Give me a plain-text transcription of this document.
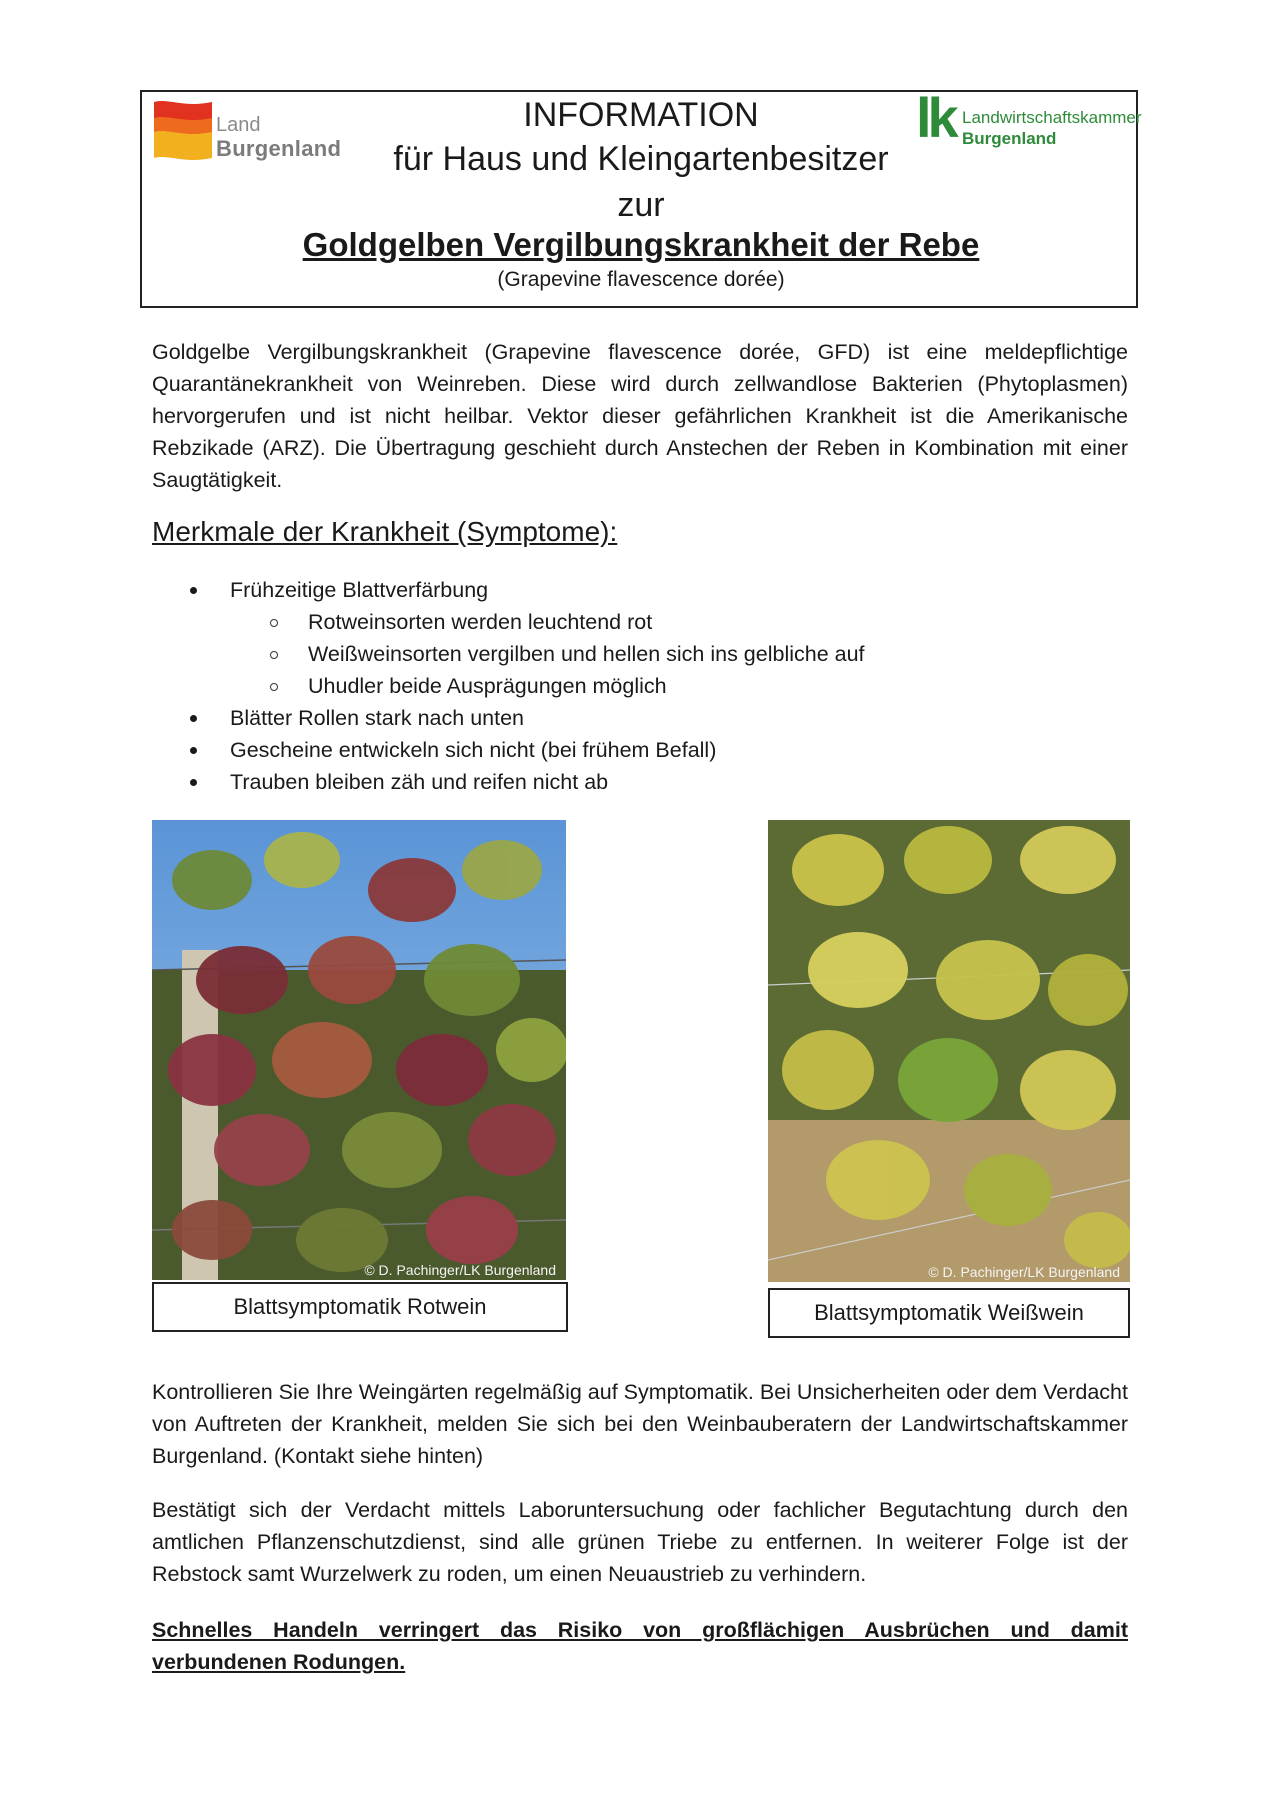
Land
Burgenland	lk Landwirtschaftskammer
Burgenland
INFORMATION
für Haus und Kleingartenbesitzer
zur
Goldgelben Vergilbungskrankheit der Rebe
(Grapevine flavescence dorée)

Goldgelbe Vergilbungskrankheit (Grapevine flavescence dorée, GFD) ist eine meldepflichtige Quarantänekrankheit von Weinreben. Diese wird durch zellwandlose Bakterien (Phytoplasmen) hervorgerufen und ist nicht heilbar. Vektor dieser gefährlichen Krankheit ist die Amerikanische Rebzikade (ARZ). Die Übertragung geschieht durch Anstechen der Reben in Kombination mit einer Saugtätigkeit.

Merkmale der Krankheit (Symptome):
Frühzeitige Blattverfärbung
Rotweinsorten werden leuchtend rot
Weißweinsorten vergilben und hellen sich ins gelbliche auf
Uhudler beide Ausprägungen möglich
Blätter Rollen stark nach unten
Gescheine entwickeln sich nicht (bei frühem Befall)
Trauben bleiben zäh und reifen nicht ab
© D. Pachinger/LK Burgenland
Blattsymptomatik Rotwein
© D. Pachinger/LK Burgenland
Blattsymptomatik Weißwein

Kontrollieren Sie Ihre Weingärten regelmäßig auf Symptomatik. Bei Unsicherheiten oder dem Verdacht von Auftreten der Krankheit, melden Sie sich bei den Weinbauberatern der Landwirtschaftskammer Burgenland. (Kontakt siehe hinten)

Bestätigt sich der Verdacht mittels Laboruntersuchung oder fachlicher Begutachtung durch den amtlichen Pflanzenschutzdienst, sind alle grünen Triebe zu entfernen. In weiterer Folge ist der Rebstock samt Wurzelwerk zu roden, um einen Neuaustrieb zu verhindern.

Schnelles Handeln verringert das Risiko von großflächigen Ausbrüchen und damit verbundenen Rodungen.
